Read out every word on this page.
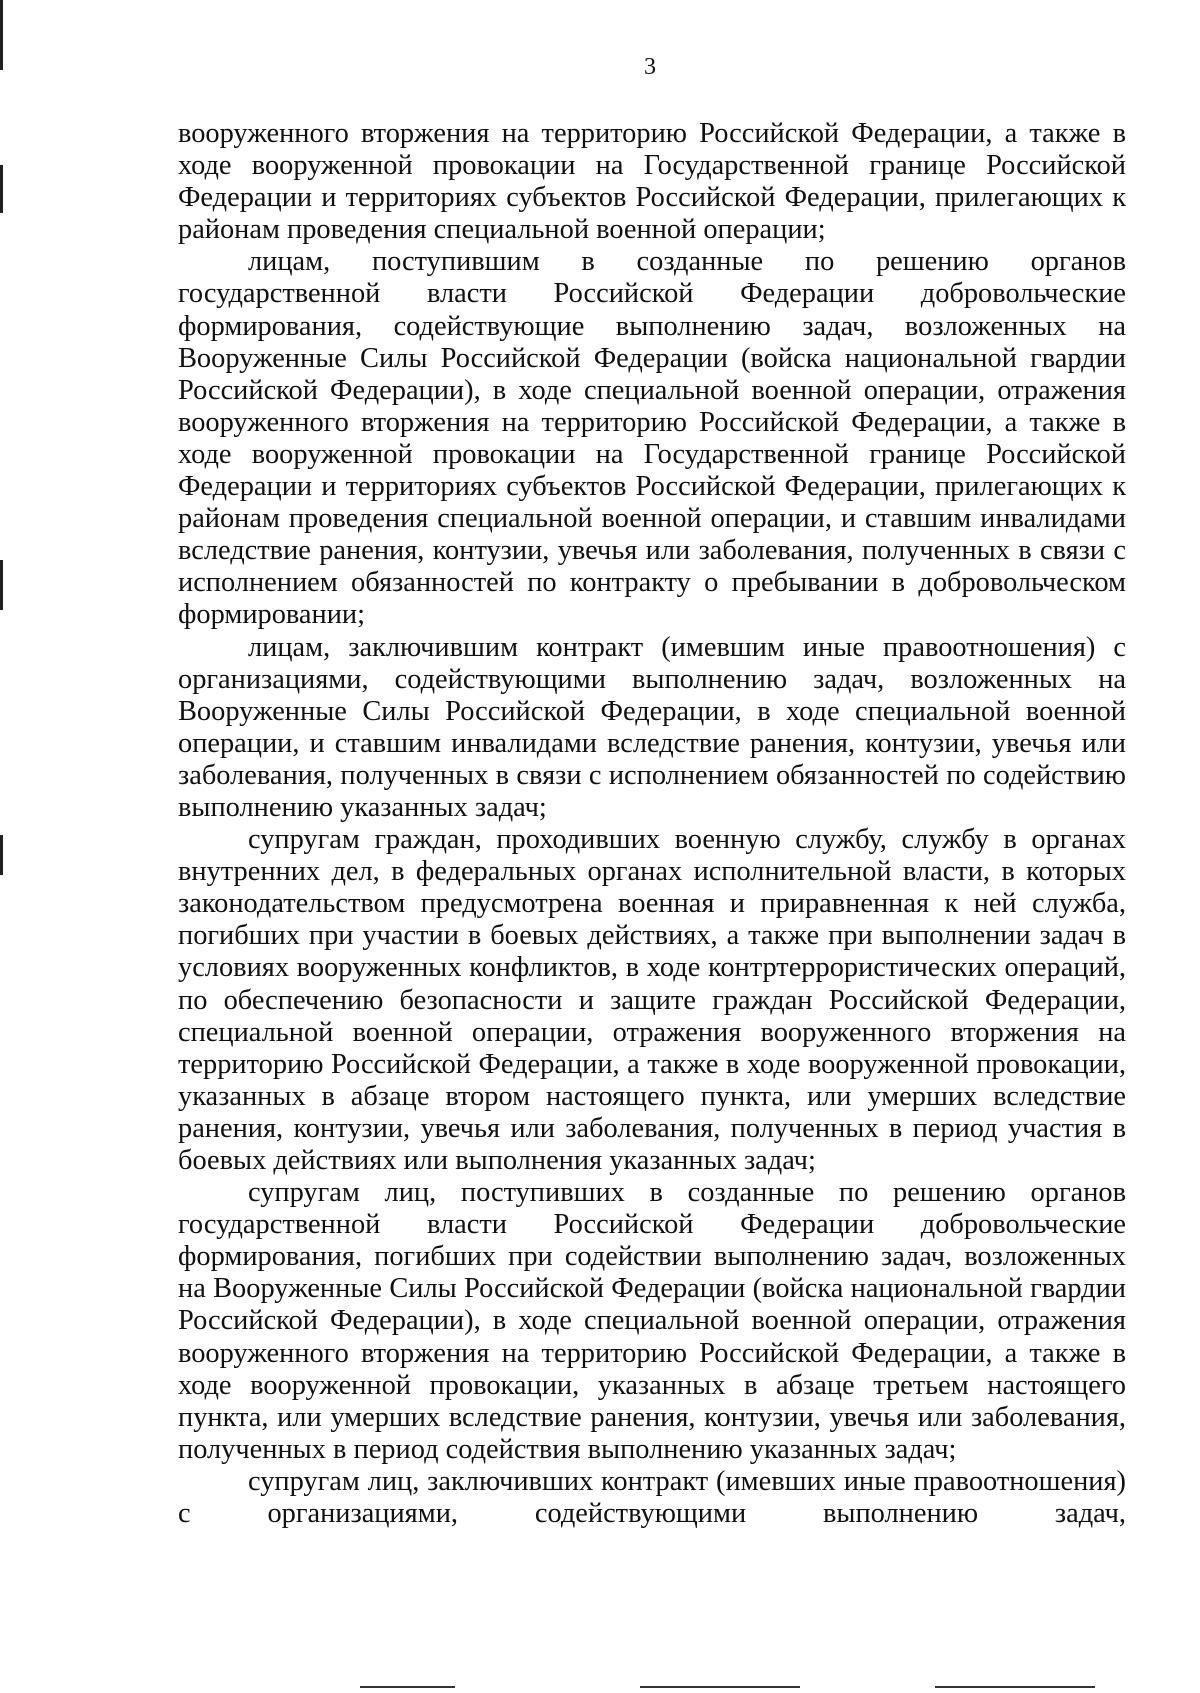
3

вооруженного вторжения на территорию Российской Федерации, а также в ходе вооруженной провокации на Государственной границе Российской Федерации и территориях субъектов Российской Федерации, прилегающих к районам проведения специальной военной операции;

лицам, поступившим в созданные по решению органов государственной власти Российской Федерации добровольческие формирования, содействующие выполнению задач, возложенных на Вооруженные Силы Российской Федерации (войска национальной гвардии Российской Федерации), в ходе специальной военной операции, отражения вооруженного вторжения на территорию Российской Федерации, а также в ходе вооруженной провокации на Государственной границе Российской Федерации и территориях субъектов Российской Федерации, прилегающих к районам проведения специальной военной операции, и ставшим инвалидами вследствие ранения, контузии, увечья или заболевания, полученных в связи с исполнением обязанностей по контракту о пребывании в добровольческом формировании;

лицам, заключившим контракт (имевшим иные правоотношения) с организациями, содействующими выполнению задач, возложенных на Вооруженные Силы Российской Федерации, в ходе специальной военной операции, и ставшим инвалидами вследствие ранения, контузии, увечья или заболевания, полученных в связи с исполнением обязанностей по содействию выполнению указанных задач;

супругам граждан, проходивших военную службу, службу в органах внутренних дел, в федеральных органах исполнительной власти, в которых законодательством предусмотрена военная и приравненная к ней служба, погибших при участии в боевых действиях, а также при выполнении задач в условиях вооруженных конфликтов, в ходе контртеррористических операций, по обеспечению безопасности и защите граждан Российской Федерации, специальной военной операции, отражения вооруженного вторжения на территорию Российской Федерации, а также в ходе вооруженной провокации, указанных в абзаце втором настоящего пункта, или умерших вследствие ранения, контузии, увечья или заболевания, полученных в период участия в боевых действиях или выполнения указанных задач;

супругам лиц, поступивших в созданные по решению органов государственной власти Российской Федерации добровольческие формирования, погибших при содействии выполнению задач, возложенных на Вооруженные Силы Российской Федерации (войска национальной гвардии Российской Федерации), в ходе специальной военной операции, отражения вооруженного вторжения на территорию Российской Федерации, а также в ходе вооруженной провокации, указанных в абзаце третьем настоящего пункта, или умерших вследствие ранения, контузии, увечья или заболевания, полученных в период содействия выполнению указанных задач;

супругам лиц, заключивших контракт (имевших иные правоотношения) с организациями, содействующими выполнению задач,
